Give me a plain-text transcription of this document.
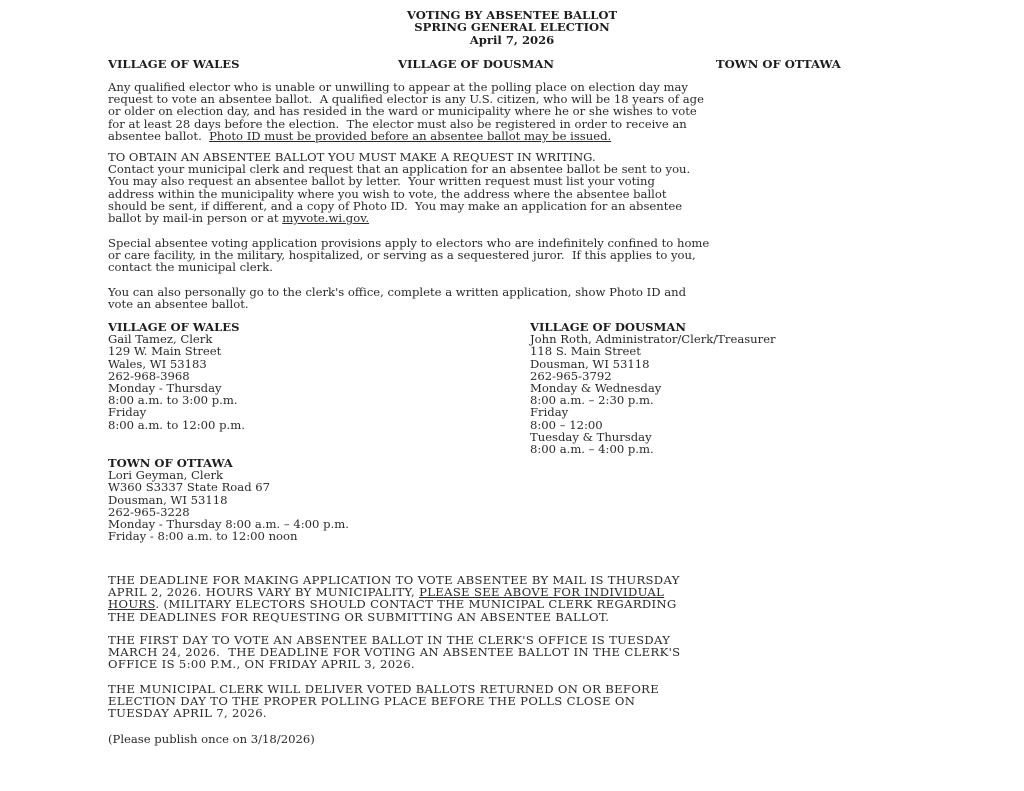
VOTING BY ABSENTEE BALLOT
SPRING GENERAL ELECTION
April 7, 2026
VILLAGE OF WALES	VILLAGE OF DOUSMAN	TOWN OF OTTAWA
Any qualified elector who is unable or unwilling to appear at the polling place on election day may
request to vote an absentee ballot.  A qualified elector is any U.S. citizen, who will be 18 years of age
or older on election day, and has resided in the ward or municipality where he or she wishes to vote
for at least 28 days before the election.  The elector must also be registered in order to receive an
absentee ballot.  Photo ID must be provided before an absentee ballot may be issued.
TO OBTAIN AN ABSENTEE BALLOT YOU MUST MAKE A REQUEST IN WRITING.
Contact your municipal clerk and request that an application for an absentee ballot be sent to you.
You may also request an absentee ballot by letter.  Your written request must list your voting
address within the municipality where you wish to vote, the address where the absentee ballot
should be sent, if different, and a copy of Photo ID.  You may make an application for an absentee
ballot by mail-in person or at myvote.wi.gov.
Special absentee voting application provisions apply to electors who are indefinitely confined to home
or care facility, in the military, hospitalized, or serving as a sequestered juror.  If this applies to you,
contact the municipal clerk.
You can also personally go to the clerk's office, complete a written application, show Photo ID and
vote an absentee ballot.
VILLAGE OF WALES
Gail Tamez, Clerk
129 W. Main Street
Wales, WI 53183
262-968-3968
Monday - Thursday
8:00 a.m. to 3:00 p.m.
Friday
8:00 a.m. to 12:00 p.m.
VILLAGE OF DOUSMAN
John Roth, Administrator/Clerk/Treasurer
118 S. Main Street
Dousman, WI 53118
262-965-3792
Monday & Wednesday
8:00 a.m. – 2:30 p.m.
Friday
8:00 – 12:00
Tuesday & Thursday
8:00 a.m. – 4:00 p.m.
TOWN OF OTTAWA
Lori Geyman, Clerk
W360 S3337 State Road 67
Dousman, WI 53118
262-965-3228
Monday - Thursday 8:00 a.m. – 4:00 p.m.
Friday - 8:00 a.m. to 12:00 noon
THE DEADLINE FOR MAKING APPLICATION TO VOTE ABSENTEE BY MAIL IS THURSDAY
APRIL 2, 2026. HOURS VARY BY MUNICIPALITY, PLEASE SEE ABOVE FOR INDIVIDUAL
HOURS. (MILITARY ELECTORS SHOULD CONTACT THE MUNICIPAL CLERK REGARDING
THE DEADLINES FOR REQUESTING OR SUBMITTING AN ABSENTEE BALLOT.
THE FIRST DAY TO VOTE AN ABSENTEE BALLOT IN THE CLERK'S OFFICE IS TUESDAY
MARCH 24, 2026.  THE DEADLINE FOR VOTING AN ABSENTEE BALLOT IN THE CLERK'S
OFFICE IS 5:00 P.M., ON FRIDAY APRIL 3, 2026.
THE MUNICIPAL CLERK WILL DELIVER VOTED BALLOTS RETURNED ON OR BEFORE
ELECTION DAY TO THE PROPER POLLING PLACE BEFORE THE POLLS CLOSE ON
TUESDAY APRIL 7, 2026.
(Please publish once on 3/18/2026)
